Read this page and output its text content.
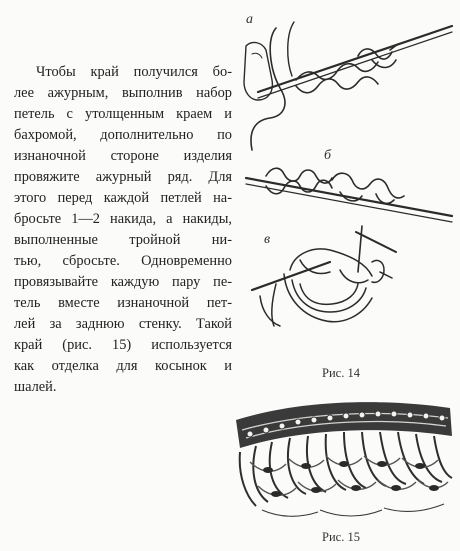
Чтобы край получился бо-
лее ажурным, выполнив набор
петель с утолщенным краем и
бахромой, дополнительно по
изнаночной стороне изделия
провяжите ажурный ряд. Для
этого перед каждой петлей на-
бросьте 1—2 накида, а накиды,
выполненные тройной ни-
тью, сбросьте. Одновременно
провязывайте каждую пару пе-
тель вместе изнаночной пет-
лей за заднюю стенку. Такой
край (рис. 15) используется
как отделка для косынок и
шалей.
а
б
в
Рис. 14
Рис. 15
